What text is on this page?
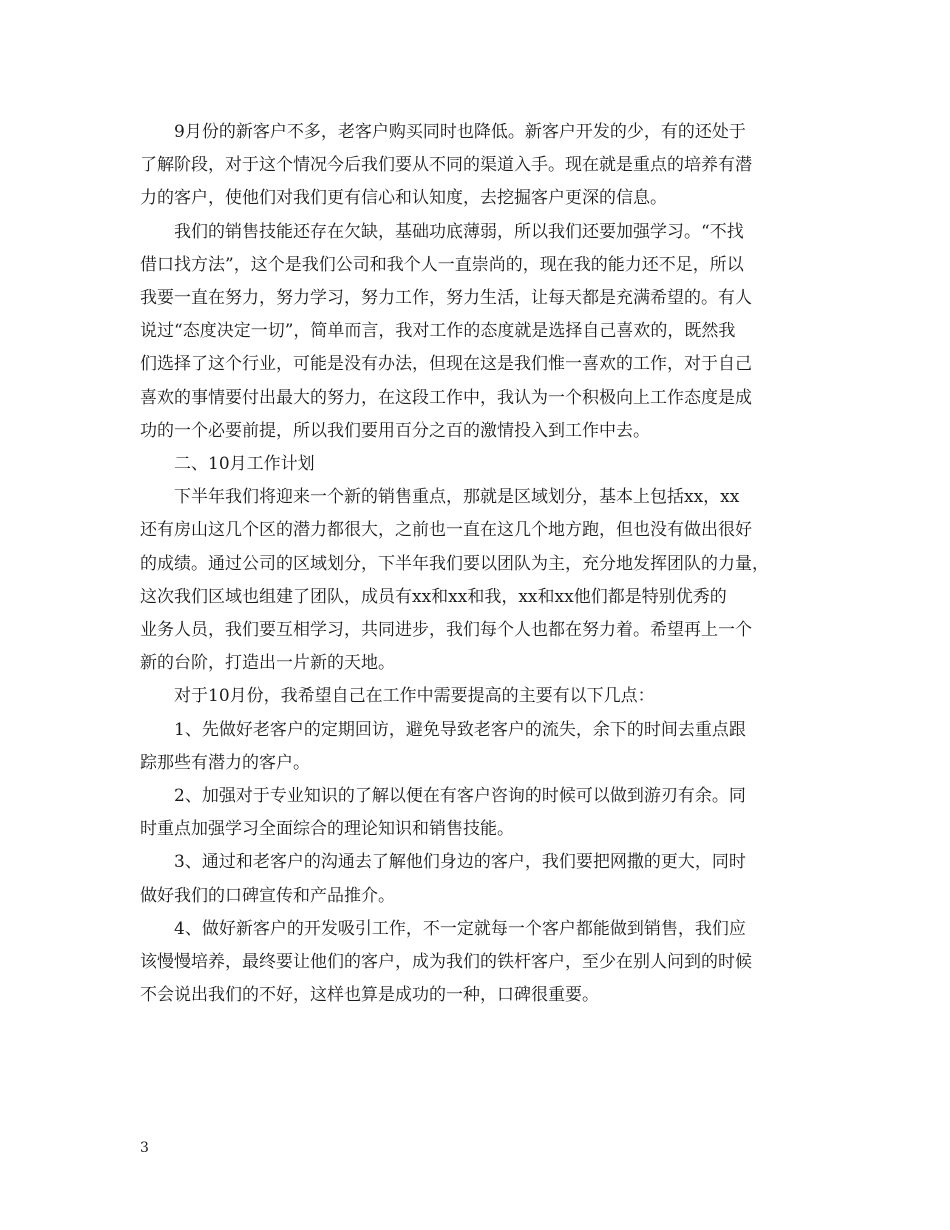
9月份的新客户不多，老客户购买同时也降低。新客户开发的少，有的还处于
了解阶段，对于这个情况今后我们要从不同的渠道入手。现在就是重点的培养有潜
力的客户，使他们对我们更有信心和认知度，去挖掘客户更深的信息。
我们的销售技能还存在欠缺，基础功底薄弱，所以我们还要加强学习。“不找
借口找方法”，这个是我们公司和我个人一直崇尚的，现在我的能力还不足，所以
我要一直在努力，努力学习，努力工作，努力生活，让每天都是充满希望的。有人
说过“态度决定一切”，简单而言，我对工作的态度就是选择自己喜欢的，既然我
们选择了这个行业，可能是没有办法，但现在这是我们惟一喜欢的工作，对于自己
喜欢的事情要付出最大的努力，在这段工作中，我认为一个积极向上工作态度是成
功的一个必要前提，所以我们要用百分之百的激情投入到工作中去。
二、10月工作计划
下半年我们将迎来一个新的销售重点，那就是区域划分，基本上包括xx，xx
还有房山这几个区的潜力都很大，之前也一直在这几个地方跑，但也没有做出很好
的成绩。通过公司的区域划分，下半年我们要以团队为主，充分地发挥团队的力量，
这次我们区域也组建了团队，成员有xx和xx和我，xx和xx他们都是特别优秀的
业务人员，我们要互相学习，共同进步，我们每个人也都在努力着。希望再上一个
新的台阶，打造出一片新的天地。
对于10月份，我希望自己在工作中需要提高的主要有以下几点：
1、先做好老客户的定期回访，避免导致老客户的流失，余下的时间去重点跟
踪那些有潜力的客户。
2、加强对于专业知识的了解以便在有客户咨询的时候可以做到游刃有余。同
时重点加强学习全面综合的理论知识和销售技能。
3、通过和老客户的沟通去了解他们身边的客户，我们要把网撒的更大，同时
做好我们的口碑宣传和产品推介。
4、做好新客户的开发吸引工作，不一定就每一个客户都能做到销售，我们应
该慢慢培养，最终要让他们的客户，成为我们的铁杆客户，至少在别人问到的时候
不会说出我们的不好，这样也算是成功的一种，口碑很重要。
3
